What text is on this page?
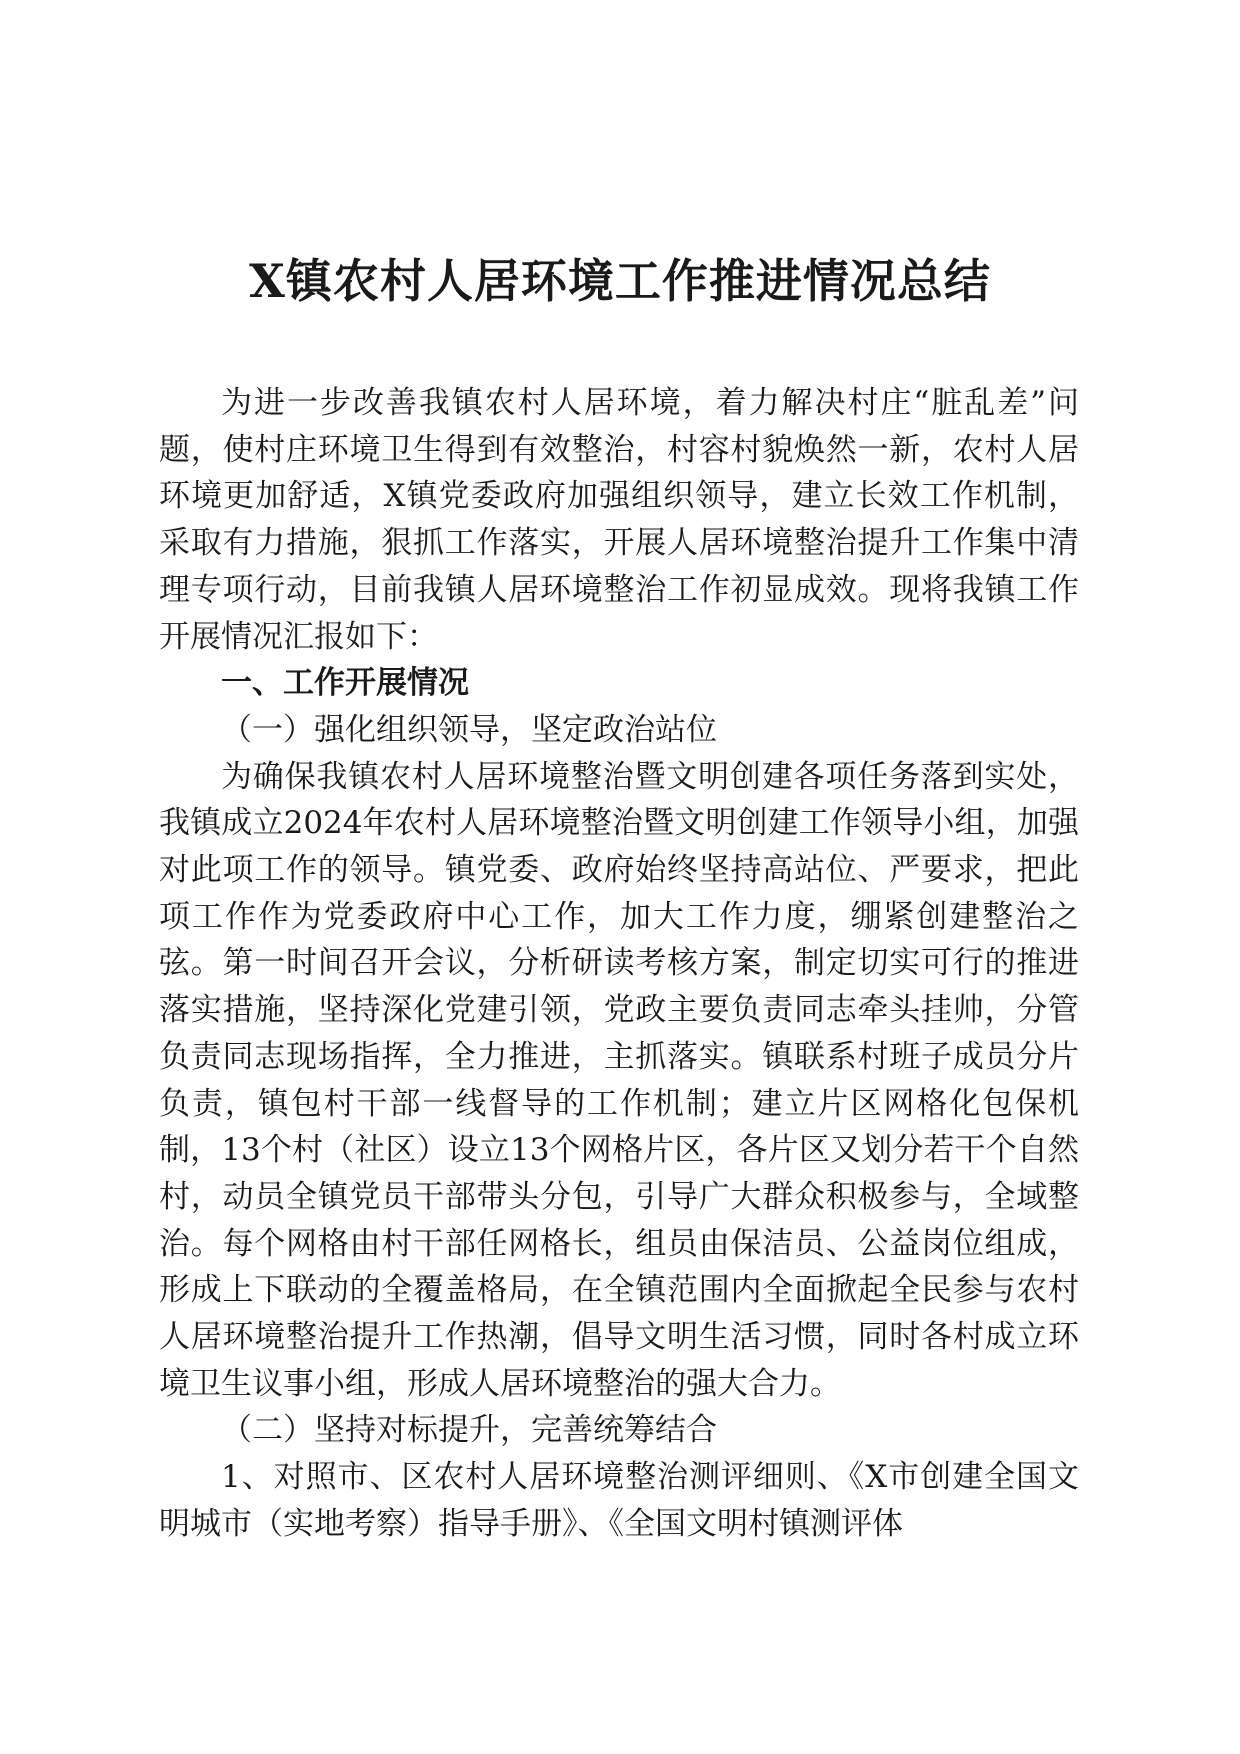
X镇农村人居环境工作推进情况总结

为进一步改善我镇农村人居环境，着力解决村庄“脏乱差”问题，使村庄环境卫生得到有效整治，村容村貌焕然一新，农村人居环境更加舒适，X镇党委政府加强组织领导，建立长效工作机制，采取有力措施，狠抓工作落实，开展人居环境整治提升工作集中清理专项行动，目前我镇人居环境整治工作初显成效。现将我镇工作开展情况汇报如下：

一、工作开展情况
（一）强化组织领导，坚定政治站位

为确保我镇农村人居环境整治暨文明创建各项任务落到实处，我镇成立2024年农村人居环境整治暨文明创建工作领导小组，加强对此项工作的领导。镇党委、政府始终坚持高站位、严要求，把此项工作作为党委政府中心工作，加大工作力度，绷紧创建整治之弦。第一时间召开会议，分析研读考核方案，制定切实可行的推进落实措施，坚持深化党建引领，党政主要负责同志牵头挂帅，分管负责同志现场指挥，全力推进，主抓落实。镇联系村班子成员分片负责，镇包村干部一线督导的工作机制；建立片区网格化包保机制，13个村（社区）设立13个网格片区，各片区又划分若干个自然村，动员全镇党员干部带头分包，引导广大群众积极参与，全域整治。每个网格由村干部任网格长，组员由保洁员、公益岗位组成，形成上下联动的全覆盖格局，在全镇范围内全面掀起全民参与农村人居环境整治提升工作热潮，倡导文明生活习惯，同时各村成立环境卫生议事小组，形成人居环境整治的强大合力。

（二）坚持对标提升，完善统筹结合

1、对照市、区农村人居环境整治测评细则、《X市创建全国文明城市（实地考察）指导手册》、《全国文明村镇测评体
